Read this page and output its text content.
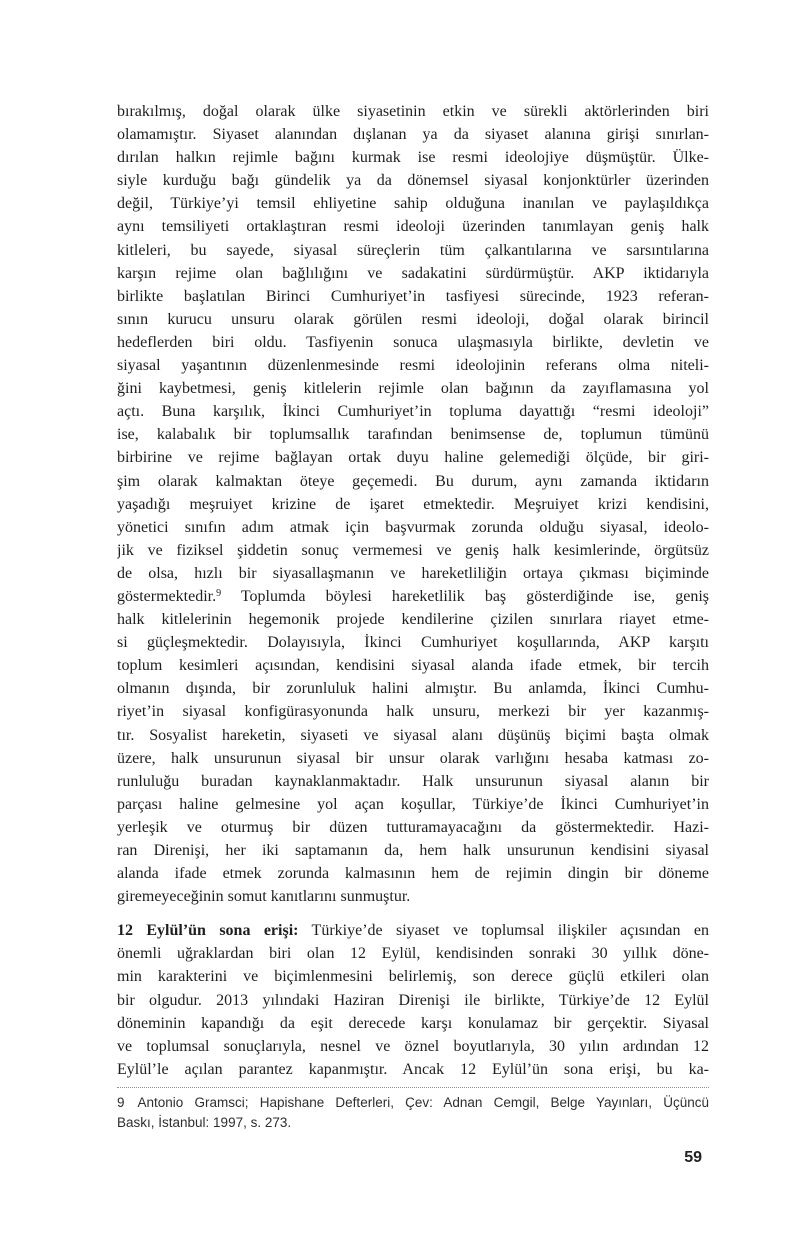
bırakılmış, doğal olarak ülke siyasetinin etkin ve sürekli aktörlerinden biri
olamamıştır. Siyaset alanından dışlanan ya da siyaset alanına girişi sınırlan-
dırılan halkın rejimle bağını kurmak ise resmi ideolojiye düşmüştür. Ülke-
siyle kurduğu bağı gündelik ya da dönemsel siyasal konjonktürler üzerinden
değil, Türkiye’yi temsil ehliyetine sahip olduğuna inanılan ve paylaşıldıkça
aynı temsiliyeti ortaklaştıran resmi ideoloji üzerinden tanımlayan geniş halk
kitleleri, bu sayede, siyasal süreçlerin tüm çalkantılarına ve sarsıntılarına
karşın rejime olan bağlılığını ve sadakatini sürdürmüştür. AKP iktidarıyla
birlikte başlatılan Birinci Cumhuriyet’in tasfiyesi sürecinde, 1923 referan-
sının kurucu unsuru olarak görülen resmi ideoloji, doğal olarak birincil
hedeflerden biri oldu. Tasfiyenin sonuca ulaşmasıyla birlikte, devletin ve
siyasal yaşantının düzenlenmesinde resmi ideolojinin referans olma niteli-
ğini kaybetmesi, geniş kitlelerin rejimle olan bağının da zayıflamasına yol
açtı. Buna karşılık, İkinci Cumhuriyet’in topluma dayattığı “resmi ideoloji”
ise, kalabalık bir toplumsallık tarafından benimsense de, toplumun tümünü
birbirine ve rejime bağlayan ortak duyu haline gelemediği ölçüde, bir giri-
şim olarak kalmaktan öteye geçemedi. Bu durum, aynı zamanda iktidarın
yaşadığı meşruiyet krizine de işaret etmektedir. Meşruiyet krizi kendisini,
yönetici sınıfın adım atmak için başvurmak zorunda olduğu siyasal, ideolo-
jik ve fiziksel şiddetin sonuç vermemesi ve geniş halk kesimlerinde, örgütsüz
de olsa, hızlı bir siyasallaşmanın ve hareketliliğin ortaya çıkması biçiminde
göstermektedir.$^9$ Toplumda böylesi hareketlilik baş gösterdiğinde ise, geniş
halk kitlelerinin hegemonik projede kendilerine çizilen sınırlara riayet etme-
si güçleşmektedir. Dolayısıyla, İkinci Cumhuriyet koşullarında, AKP karşıtı
toplum kesimleri açısından, kendisini siyasal alanda ifade etmek, bir tercih
olmanın dışında, bir zorunluluk halini almıştır. Bu anlamda, İkinci Cumhu-
riyet’in siyasal konfigürasyonunda halk unsuru, merkezi bir yer kazanmış-
tır. Sosyalist hareketin, siyaseti ve siyasal alanı düşünüş biçimi başta olmak
üzere, halk unsurunun siyasal bir unsur olarak varlığını hesaba katması zo-
runluluğu buradan kaynaklanmaktadır. Halk unsurunun siyasal alanın bir
parçası haline gelmesine yol açan koşullar, Türkiye’de İkinci Cumhuriyet’in
yerleşik ve oturmuş bir düzen tutturamayacağını da göstermektedir. Hazi-
ran Direnişi, her iki saptamanın da, hem halk unsurunun kendisini siyasal
alanda ifade etmek zorunda kalmasının hem de rejimin dingin bir döneme
giremeyeceğinin somut kanıtlarını sunmuştur.
12 Eylül’ün sona erişi: Türkiye’de siyaset ve toplumsal ilişkiler açısından en
önemli uğraklardan biri olan 12 Eylül, kendisinden sonraki 30 yıllık döne-
min karakterini ve biçimlenmesini belirlemiş, son derece güçlü etkileri olan
bir olgudur. 2013 yılındaki Haziran Direnişi ile birlikte, Türkiye’de 12 Eylül
döneminin kapandığı da eşit derecede karşı konulamaz bir gerçektir. Siyasal
ve toplumsal sonuçlarıyla, nesnel ve öznel boyutlarıyla, 30 yılın ardından 12
Eylül’le açılan parantez kapanmıştır. Ancak 12 Eylül’ün sona erişi, bu ka-
9 Antonio Gramsci; Hapishane Defterleri, Çev: Adnan Cemgil, Belge Yayınları, Üçüncü
Baskı, İstanbul: 1997, s. 273.
59
